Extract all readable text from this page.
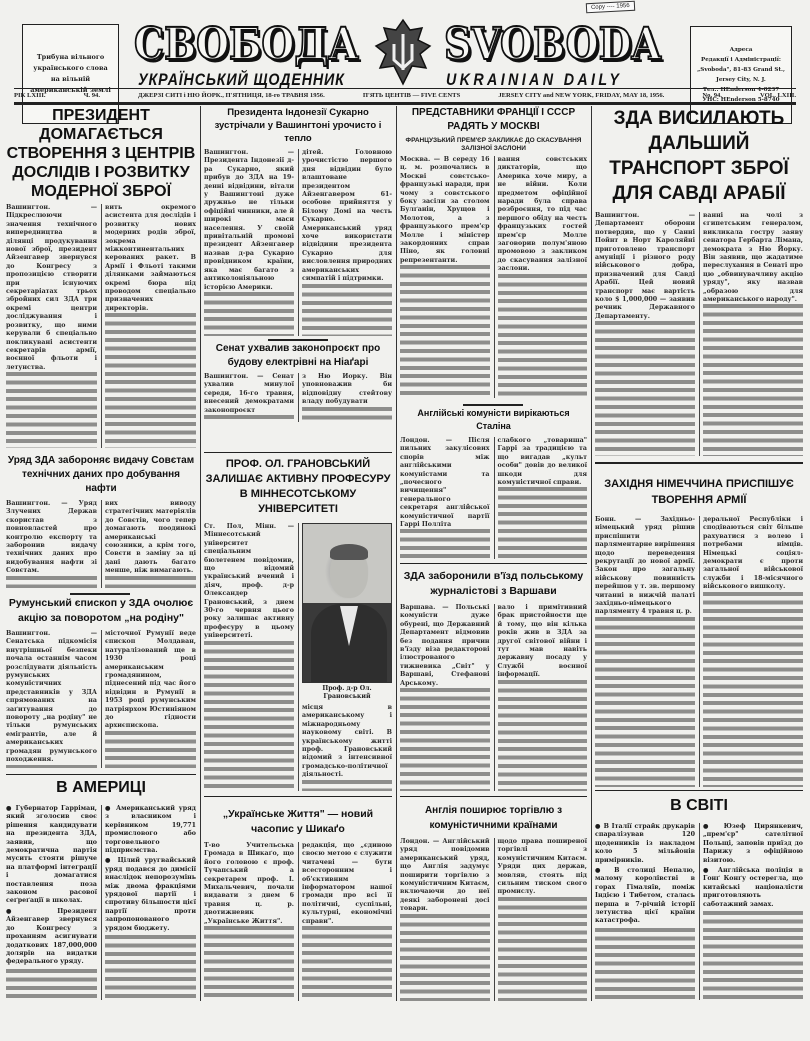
Трибуна вільного
українського слова
на вільній
американській землі
Copy ---- 1956
СВОБОДА SVOBODA
УКРАЇНСЬКИЙ ЩОДЕННИК	UKRAINIAN DAILY
Адреса
Редакції і Адміністрації:
„Svoboda", 81-83 Grand St.,
Jersey City, N. J.
Тел.: HEnderson 4-0237
УНС: HEnderson 5-8740
РІК LXIII.	Ч. 94.	ДЖЕРЗІ СИТІ і НЮ ЙОРК., П'ЯТНИЦЯ, 18-го ТРАВНЯ 1956.	П'ЯТЬ ЦЕНТІВ — FIVE CENTS	JERSEY CITY and NEW YORK, FRIDAY, MAY 18, 1956.	No. 94.	VOL. LXIII.
ПРЕЗИДЕНТ ДОМАГАЄТЬСЯ СТВОРЕННЯ 3 ЦЕНТРІВ ДОСЛІДІВ І РОЗВИТКУ МОДЕРНОЇ ЗБРОЇ
Вашингтон. — Підкреслюючи значення технічного випередництва в ділянці продукування нової зброї, президент Айзенгавер звернувся до Конгресу з пропозицією створити при існуючих секретаріатах трьох збройних сил ЗДА три окремі центри досліджування і розвитку, що ними керували б спеціально покликувані асистенти секретарів армії, воєнної фльоти і летунства.
вить окремого асистента для дослідів і розвитку нових модерних родів зброї, зокрема міжконтинентальних керованих ракет. В Армії і Фльоті такими ділянками займаються окремі бюра під проводом спеціально призначених директорів.
Уряд ЗДА забороняє видачу Совєтам технічних даних про добування нафти
Вашингтон. — Уряд Злучених Держав скористав з повновластей про контролю експорту та заборонив видачу технічних даних про видобування нафти зі Совєтам.
вих виводу стратегічних матеріялів до Совєтів, чого тепер домагають поодинокі американські союзники, а крім того, Совєти в заміну за ці дані дають багато менше, ніж вимагають.
Румунський єпископ у ЗДА очолює акцію за поворотом „на родіну"
Вашингтон. — Сенатська підкомісія внутрішньої безпеки почала останнім часом розслідувати діяльність румунських комуністичних представників у ЗДА спрямованих на заґитування до повороту „на родіну" не тільки румунських емігрантів, але й американських громадян румунського походження.
місточної Румунії веде єпископ Молдаван, натуралізований ще в 1930 році американським громадянином, піднесений під час його відвідин в Румунії в 1953 році румунським патріярхом Юстиніяном до гідности архиєпископа.
В АМЕРИЦІ
● Губернатор Гарріман, який зголосив своє рішення кандидувати на президента ЗДА, заявив, що демократична партія мусить стояти рішуче на платформі інтеграції і домагатися поставлення поза законом расової сеґреґації в школах.
● Президент Айзенгавер звернувся до Конгресу з проханням асигнувати додаткових 187,000,000 долярів на видатки федерального уряду.
● Американський уряд з власником і керівником 19,771 промислового або торговельного підприємства.
● Цілий уругвайський уряд подався до димісії внаслідок непорозумінь між двома фракціями урядової партії і спротиву більшости цієї партії проти запропонованого урядом бюджету.
Президента Індонезії Сукарно зустрічали у Вашингтоні урочисто і тепло
Вашингтон. — Президента Індонезії д-ра Сукарно, який прибув до ЗДА на 19-денні відвідини, вітали у Вашингтоні дуже дружньо не тільки офіційні чинники, але й широкі маси населення. У своїй привітальній промові президент Айзенгавер назвав д-ра Сукарно провідником країни, яка має багато з антиколоніяльною історією Америки.
дітей. Головною урочистістю першого дня відвідин було влаштоване президентом Айзенгавером 61-особове прийняття у Білому Домі на честь Сукарно. Американський уряд хоче використати відвідини президента Сукарно для висловлення природних американських симпатій і підтримки.
Сенат ухвалив законопроєкт про будову електрівні на Ніаґарі
Вашингтон. — Сенат ухвалив минулої середи, 16-го травня, внесений демократами законопроєкт
з Ню Йорку. Він уповноважив би відповідну стейтову владу побудувати
ПРОФ. ОЛ. ГРАНОВСЬКИЙ ЗАЛИШАЄ АКТИВНУ ПРОФЕСУРУ В МІННЕСОТСЬКОМУ УНІВЕРСИТЕТІ
Ст. Пол, Мінн. — Міннесотський університет спеціальним бюлетенем повідомив, що відомий український вчений і діяч, проф. д-р Олександер Грановський, з днем 30-го червня цього року залишає активну професуру в цьому університеті.
Проф. д-р Ол. Грановський
місця в американському і міжнародньому науковому світі. В українському житті проф. Грановський відомий з інтенсивної громадсько-політичної діяльності.
„Українське Життя" — новий часопис у Шикаґо
Т-во Учительська Громада в Шикаґо, що його головою є проф. Тучапський а секретарем проф. І. Михальчевич, почали видавати з днем 6 травня ц. р. двотижневик „Українське Життя".
редакція, що „єдиною своєю метою є служити читачеві — бути всесторонним і об'єктивним інформатором нашої громади про всі її політичні, суспільні, культурні, економічні справи".
ПРЕДСТАВНИКИ ФРАНЦІЇ І СССР РАДЯТЬ У МОСКВІ
ФРАНЦУЗЬКИЙ ПРЕМ'ЄР ЗАКЛИКАЄ ДО СКАСУВАННЯ ЗАЛІЗНОЇ ЗАСЛОНИ
Москва. — В середу 16 ц. м. розпочались в Москві совєтсько-французькі наради, при чому з совєтського боку засіли за столом Булґанін, Хрущов і Молотов, а з французького прем'єр Молле і міністер закордонних справ Піно, як головні репрезентанти.
вання совєтських диктаторів, що Америка хоче миру, а не війни. Коли предметом офіційної наради була справа розброєння, то під час першого обіду на честь французьких гостей прем'єр Молле заговорив полум'яною промовою з закликом до скасування залізної заслони.
Англійські комуністи вирікаються Сталіна
Лондон. — Після пильних закулісових спорів між англійськими комуністами та „почесного вичищення" генерального секретаря англійської комуністичної партії Гаррі Полліта
слабкого „товариша" Гаррі за традицією та що вигадав „культ особи" довів до великої шкоди для комуністичної справи.
ЗДА заборонили в'їзд польському журналістові з Варшави
Варшава. — Польські комуністи дуже обурені, що Державний Департамент відмовив без подання причин в'їзду віза редакторові ілюстрованого тижневика „Світ" у Варшаві, Стефанові Арському.
вало і примітивний брак пристойности ще й тому, що він кілька років жив в ЗДА за другої світової війни і тут мав навіть державну посаду у Службі воєнної інформації.
Англія поширює торгівлю з комуністичними країнами
Лондон. — Англійський уряд повідомив американський уряд, що Англія задумує поширити торгівлю з комуністичним Китаєм, включаючи до неї деякі заборонені досі товари.
щодо права поширеної торгівлі з комуністичним Китаєм. Уряди цих держав, мовляв, стоять під сильним тиском свого промислу.
ЗДА ВИСИЛАЮТЬ ДАЛЬШИЙ ТРАНСПОРТ ЗБРОЇ ДЛЯ САВДІ АРАБІЇ
Вашингтон. — Департамент оборони потвердив, що у Санні Пойнт в Норт Кароляйні приготовлено транспорт амуніції і різного роду військового добра, призначений для Савді Арабії. Цей новий транспорт має вартість коло $ 1,000,000 — заявив речник Державного Департаменту.
ванні на чолі з єгипетським генералом, викликала гостру заяву сенатора Гербарта Лімана, демократа з Ню Йорку. Він заявив, що жадатиме переслухання в Сенаті про цю „обвинувачливу акцію уряду", яку назвав „образою для американського народу".
ЗАХІДНЯ НІМЕЧЧИНА ПРИСПІШУЄ ТВОРЕННЯ АРМІЇ
Бонн. — Західньо-німецький уряд рішив приспішити парляментарне вирішення щодо переведення рекрутації до нової армії. Закон про загальну військову повинність перейшов у т. зв. першому читанні в нижчій палаті західньо-німецького парляменту 4 травня ц. р.
деральної Республіки і сподіваються світ більше рахуватися з волею і потребами німців. Німецькі соціял-демократи є проти загальної військової служби і 18-місячного військового вишколу.
В СВІТІ
● В Італії страйк друкарів спаралізував 120 щоденників із накладом коло 5 мільйонів примірників.
● В столиці Непалю, малому королівстві в горах Гімаляїв, поміж Індією і Тибетом, сталась перша в 7-річній історії летунства цієї країни катастрофа.
● Юзеф Цирянкевич, „прем'єр" сателітної Польщі, заповів приїзд до Парижу з офіційною візитою.
● Англійська поліція в Гонґ Конґу остерегла, що китайські націоналісти приготовляють саботажний замах.
